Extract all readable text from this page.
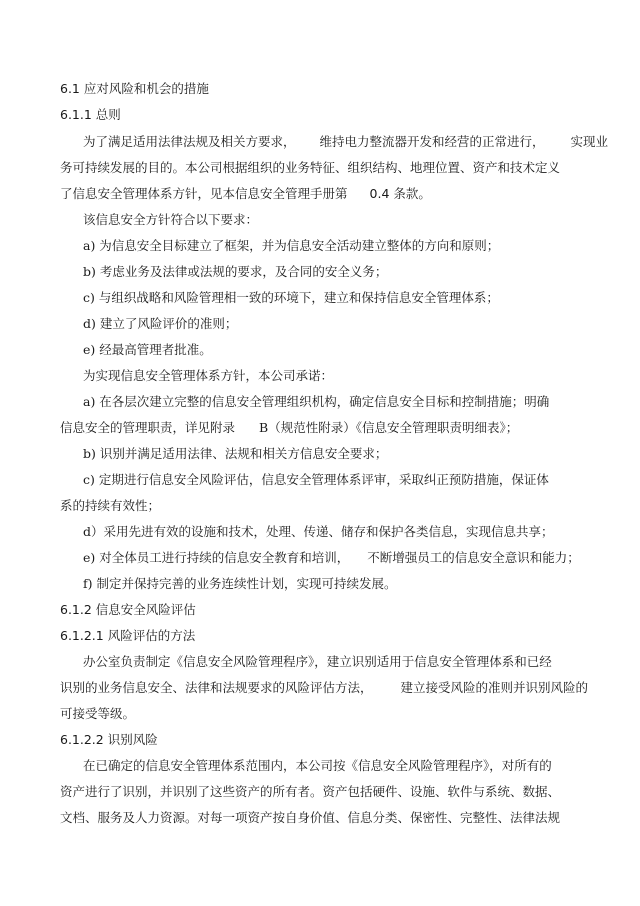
6.1 应对风险和机会的措施
6.1.1 总则
为了满足适用法律法规及相关方要求， 维持电力整流器开发和经营的正常进行， 实现业
务可持续发展的目的。本公司根据组织的业务特征、组织结构、地理位置、资产和技术定义
了信息安全管理体系方针，见本信息安全管理手册第 0.4 条款。
该信息安全方针符合以下要求：
a) 为信息安全目标建立了框架，并为信息安全活动建立整体的方向和原则；
b) 考虑业务及法律或法规的要求，及合同的安全义务；
c) 与组织战略和风险管理相一致的环境下，建立和保持信息安全管理体系；
d) 建立了风险评价的准则；
e) 经最高管理者批准。
为实现信息安全管理体系方针，本公司承诺：
a) 在各层次建立完整的信息安全管理组织机构，确定信息安全目标和控制措施；明确
信息安全的管理职责，详见附录 B（规范性附录）《信息安全管理职责明细表》；
b) 识别并满足适用法律、法规和相关方信息安全要求；
c) 定期进行信息安全风险评估，信息安全管理体系评审，采取纠正预防措施，保证体
系的持续有效性；
d）采用先进有效的设施和技术，处理、传递、储存和保护各类信息，实现信息共享；
e) 对全体员工进行持续的信息安全教育和培训， 不断增强员工的信息安全意识和能力；
f) 制定并保持完善的业务连续性计划，实现可持续发展。
6.1.2 信息安全风险评估
6.1.2.1 风险评估的方法
办公室负责制定《信息安全风险管理程序》，建立识别适用于信息安全管理体系和已经
识别的业务信息安全、法律和法规要求的风险评估方法， 建立接受风险的准则并识别风险的
可接受等级。
6.1.2.2 识别风险
在已确定的信息安全管理体系范围内，本公司按《信息安全风险管理程序》，对所有的
资产进行了识别，并识别了这些资产的所有者。资产包括硬件、设施、软件与系统、数据、
文档、服务及人力资源。对每一项资产按自身价值、信息分类、保密性、完整性、法律法规
